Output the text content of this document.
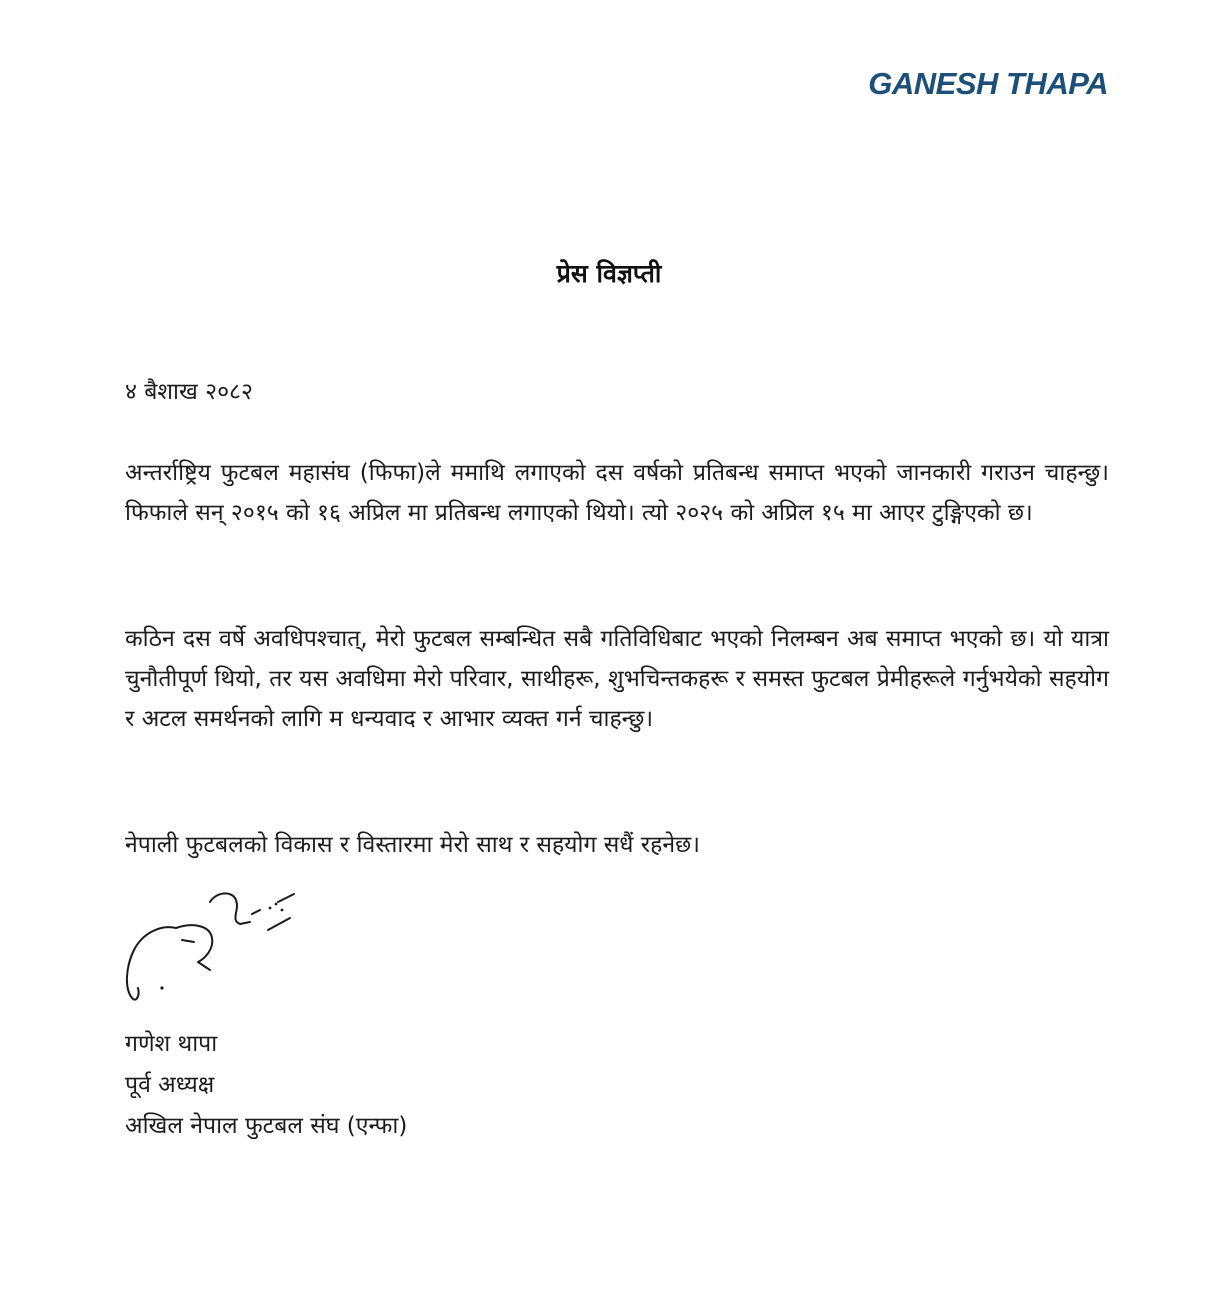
GANESH THAPA
प्रेस विज्ञप्ती
४ बैशाख २०८२
अन्तर्राष्ट्रिय फुटबल महासंघ (फिफा)ले ममाथि लगाएको दस वर्षको प्रतिबन्ध समाप्त भएको जानकारी गराउन चाहन्छु। फिफाले सन् २०१५ को १६ अप्रिल मा प्रतिबन्ध लगाएको थियो। त्यो २०२५ को अप्रिल १५ मा आएर टुङ्गिएको छ।
कठिन दस वर्षे अवधिपश्चात्, मेरो फुटबल सम्बन्धित सबै गतिविधिबाट भएको निलम्बन अब समाप्त भएको छ। यो यात्रा चुनौतीपूर्ण थियो, तर यस अवधिमा मेरो परिवार, साथीहरू, शुभचिन्तकहरू र समस्त फुटबल प्रेमीहरूले गर्नुभयेको सहयोग र अटल समर्थनको लागि म धन्यवाद र आभार व्यक्त गर्न चाहन्छु।
नेपाली फुटबलको विकास र विस्तारमा मेरो साथ र सहयोग सधैं रहनेछ।
गणेश थापा
पूर्व अध्यक्ष
अखिल नेपाल फुटबल संघ (एन्फा)
